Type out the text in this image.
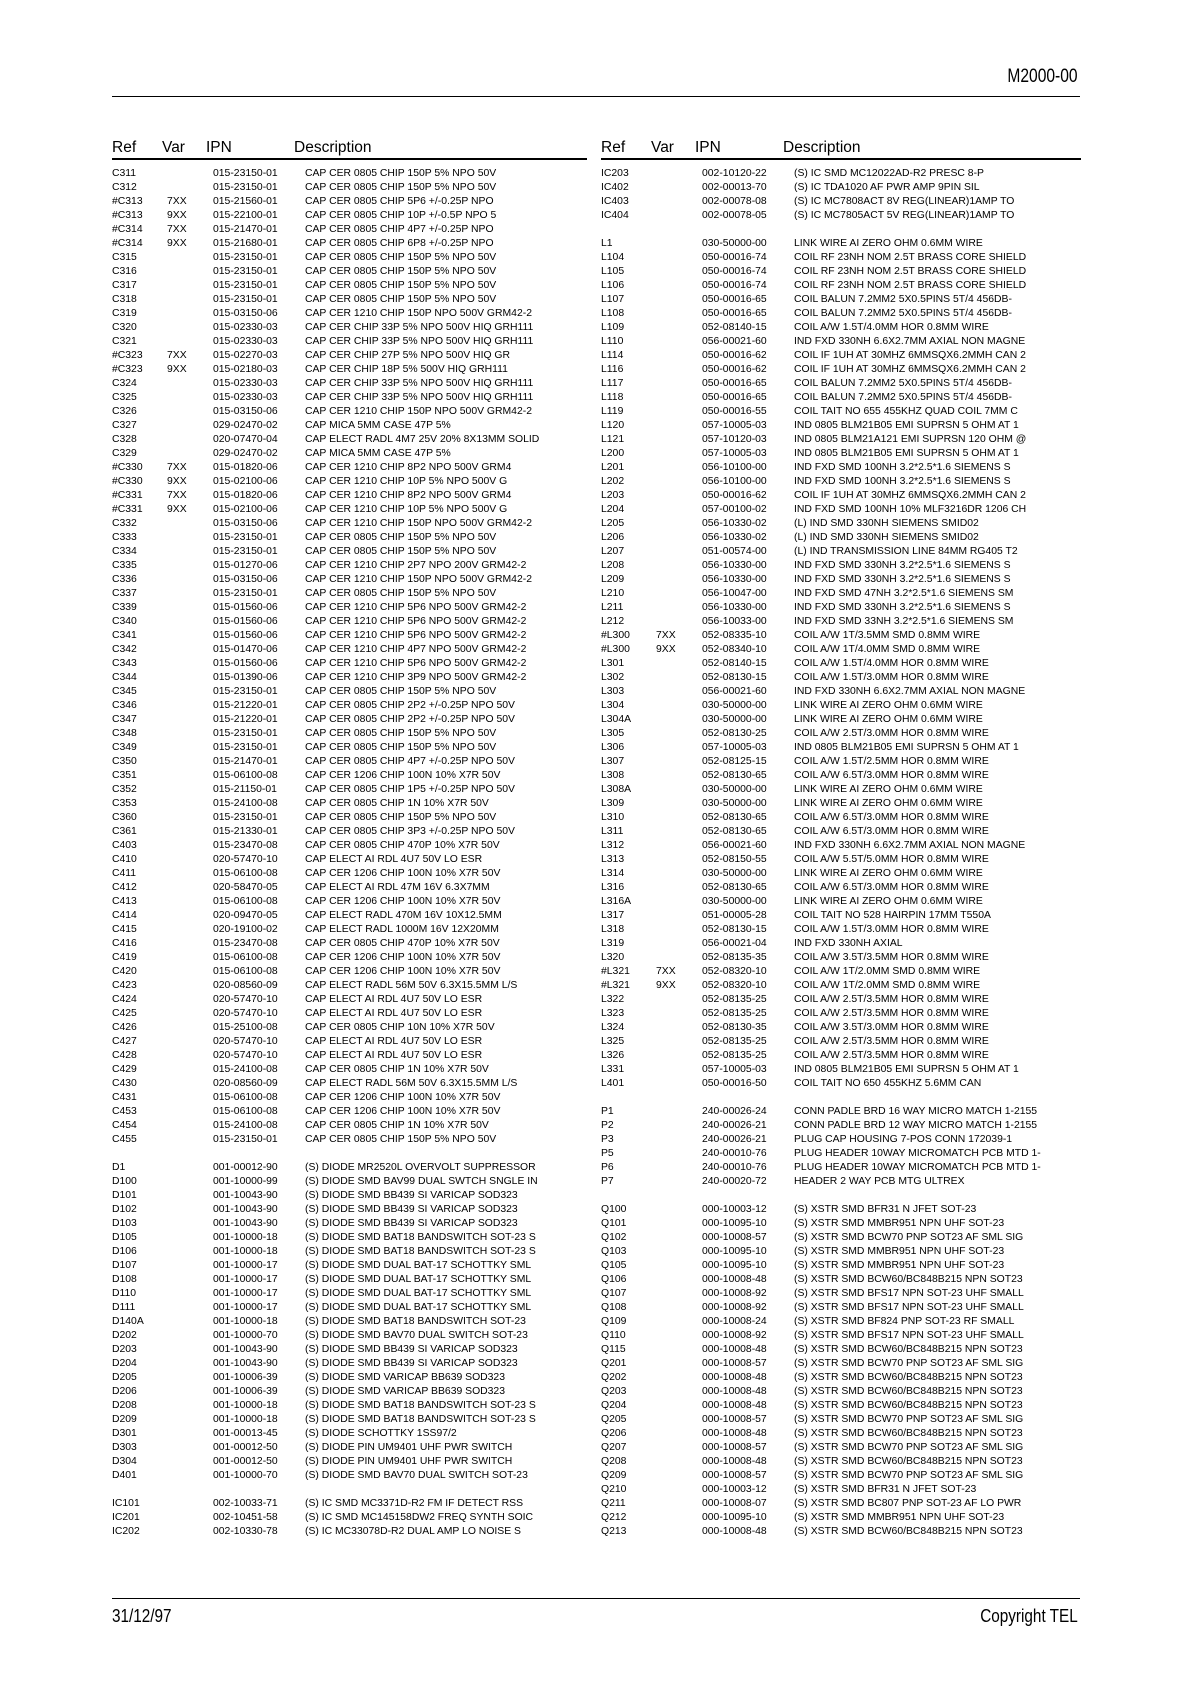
M2000-00
Ref Var IPN	Description
C311	015-23150-01	CAP CER 0805 CHIP 150P 5% NPO 50V
C312	015-23150-01	CAP CER 0805 CHIP 150P 5% NPO 50V
#C313 7XX	015-21560-01	CAP CER 0805 CHIP 5P6 +/-0.25P NPO
#C313 9XX	015-22100-01	CAP CER 0805 CHIP 10P +/-0.5P NPO 5
#C314 7XX	015-21470-01	CAP CER 0805 CHIP 4P7 +/-0.25P NPO
#C314 9XX	015-21680-01	CAP CER 0805 CHIP 6P8 +/-0.25P NPO
C315	015-23150-01	CAP CER 0805 CHIP 150P 5% NPO 50V
C316	015-23150-01	CAP CER 0805 CHIP 150P 5% NPO 50V
C317	015-23150-01	CAP CER 0805 CHIP 150P 5% NPO 50V
C318	015-23150-01	CAP CER 0805 CHIP 150P 5% NPO 50V
C319	015-03150-06	CAP CER 1210 CHIP 150P NPO 500V GRM42-2
C320	015-02330-03	CAP CER CHIP 33P 5% NPO 500V HIQ GRH111
C321	015-02330-03	CAP CER CHIP 33P 5% NPO 500V HIQ GRH111
#C323 7XX	015-02270-03	CAP CER CHIP 27P 5% NPO 500V HIQ GR
#C323 9XX	015-02180-03	CAP CER CHIP 18P 5% 500V HIQ GRH111
C324	015-02330-03	CAP CER CHIP 33P 5% NPO 500V HIQ GRH111
C325	015-02330-03	CAP CER CHIP 33P 5% NPO 500V HIQ GRH111
C326	015-03150-06	CAP CER 1210 CHIP 150P NPO 500V GRM42-2
C327	029-02470-02	CAP MICA 5MM CASE 47P 5%
C328	020-07470-04	CAP ELECT RADL 4M7 25V 20% 8X13MM SOLID
C329	029-02470-02	CAP MICA 5MM CASE 47P 5%
#C330 7XX	015-01820-06	CAP CER 1210 CHIP 8P2 NPO 500V GRM4
#C330 9XX	015-02100-06	CAP CER 1210 CHIP 10P 5% NPO 500V G
#C331 7XX	015-01820-06	CAP CER 1210 CHIP 8P2 NPO 500V GRM4
#C331 9XX	015-02100-06	CAP CER 1210 CHIP 10P 5% NPO 500V G
C332	015-03150-06	CAP CER 1210 CHIP 150P NPO 500V GRM42-2
C333	015-23150-01	CAP CER 0805 CHIP 150P 5% NPO 50V
C334	015-23150-01	CAP CER 0805 CHIP 150P 5% NPO 50V
C335	015-01270-06	CAP CER 1210 CHIP 2P7 NPO 200V GRM42-2
C336	015-03150-06	CAP CER 1210 CHIP 150P NPO 500V GRM42-2
C337	015-23150-01	CAP CER 0805 CHIP 150P 5% NPO 50V
C339	015-01560-06	CAP CER 1210 CHIP 5P6 NPO 500V GRM42-2
C340	015-01560-06	CAP CER 1210 CHIP 5P6 NPO 500V GRM42-2
C341	015-01560-06	CAP CER 1210 CHIP 5P6 NPO 500V GRM42-2
C342	015-01470-06	CAP CER 1210 CHIP 4P7 NPO 500V GRM42-2
C343	015-01560-06	CAP CER 1210 CHIP 5P6 NPO 500V GRM42-2
C344	015-01390-06	CAP CER 1210 CHIP 3P9 NPO 500V GRM42-2
C345	015-23150-01	CAP CER 0805 CHIP 150P 5% NPO 50V
C346	015-21220-01	CAP CER 0805 CHIP 2P2 +/-0.25P NPO 50V
C347	015-21220-01	CAP CER 0805 CHIP 2P2 +/-0.25P NPO 50V
C348	015-23150-01	CAP CER 0805 CHIP 150P 5% NPO 50V
C349	015-23150-01	CAP CER 0805 CHIP 150P 5% NPO 50V
C350	015-21470-01	CAP CER 0805 CHIP 4P7 +/-0.25P NPO 50V
C351	015-06100-08	CAP CER 1206 CHIP 100N 10% X7R 50V
C352	015-21150-01	CAP CER 0805 CHIP 1P5 +/-0.25P NPO 50V
C353	015-24100-08	CAP CER 0805 CHIP 1N 10% X7R 50V
C360	015-23150-01	CAP CER 0805 CHIP 150P 5% NPO 50V
C361	015-21330-01	CAP CER 0805 CHIP 3P3 +/-0.25P NPO 50V
C403	015-23470-08	CAP CER 0805 CHIP 470P 10% X7R 50V
C410	020-57470-10	CAP ELECT AI RDL 4U7 50V LO ESR
C411	015-06100-08	CAP CER 1206 CHIP 100N 10% X7R 50V
C412	020-58470-05	CAP ELECT AI RDL 47M 16V 6.3X7MM
C413	015-06100-08	CAP CER 1206 CHIP 100N 10% X7R 50V
C414	020-09470-05	CAP ELECT RADL 470M 16V 10X12.5MM
C415	020-19100-02	CAP ELECT RADL 1000M 16V 12X20MM
C416	015-23470-08	CAP CER 0805 CHIP 470P 10% X7R 50V
C419	015-06100-08	CAP CER 1206 CHIP 100N 10% X7R 50V
C420	015-06100-08	CAP CER 1206 CHIP 100N 10% X7R 50V
C423	020-08560-09	CAP ELECT RADL 56M 50V 6.3X15.5MM L/S
C424	020-57470-10	CAP ELECT AI RDL 4U7 50V LO ESR
C425	020-57470-10	CAP ELECT AI RDL 4U7 50V LO ESR
C426	015-25100-08	CAP CER 0805 CHIP 10N 10% X7R 50V
C427	020-57470-10	CAP ELECT AI RDL 4U7 50V LO ESR
C428	020-57470-10	CAP ELECT AI RDL 4U7 50V LO ESR
C429	015-24100-08	CAP CER 0805 CHIP 1N 10% X7R 50V
C430	020-08560-09	CAP ELECT RADL 56M 50V 6.3X15.5MM L/S
C431	015-06100-08	CAP CER 1206 CHIP 100N 10% X7R 50V
C453	015-06100-08	CAP CER 1206 CHIP 100N 10% X7R 50V
C454	015-24100-08	CAP CER 0805 CHIP 1N 10% X7R 50V
C455	015-23150-01	CAP CER 0805 CHIP 150P 5% NPO 50V
D1	001-00012-90	(S) DIODE MR2520L OVERVOLT SUPPRESSOR
D100	001-10000-99	(S) DIODE SMD BAV99 DUAL SWTCH SNGLE IN
D101	001-10043-90	(S) DIODE SMD BB439 SI VARICAP SOD323
D102	001-10043-90	(S) DIODE SMD BB439 SI VARICAP SOD323
D103	001-10043-90	(S) DIODE SMD BB439 SI VARICAP SOD323
D105	001-10000-18	(S) DIODE SMD BAT18 BANDSWITCH SOT-23 S
D106	001-10000-18	(S) DIODE SMD BAT18 BANDSWITCH SOT-23 S
D107	001-10000-17	(S) DIODE SMD DUAL BAT-17 SCHOTTKY SML
D108	001-10000-17	(S) DIODE SMD DUAL BAT-17 SCHOTTKY SML
D110	001-10000-17	(S) DIODE SMD DUAL BAT-17 SCHOTTKY SML
D111	001-10000-17	(S) DIODE SMD DUAL BAT-17 SCHOTTKY SML
D140A	001-10000-18	(S) DIODE SMD BAT18 BANDSWITCH SOT-23
D202	001-10000-70	(S) DIODE SMD BAV70 DUAL SWITCH SOT-23
D203	001-10043-90	(S) DIODE SMD BB439 SI VARICAP SOD323
D204	001-10043-90	(S) DIODE SMD BB439 SI VARICAP SOD323
D205	001-10006-39	(S) DIODE SMD VARICAP BB639 SOD323
D206	001-10006-39	(S) DIODE SMD VARICAP BB639 SOD323
D208	001-10000-18	(S) DIODE SMD BAT18 BANDSWITCH SOT-23 S
D209	001-10000-18	(S) DIODE SMD BAT18 BANDSWITCH SOT-23 S
D301	001-00013-45	(S) DIODE SCHOTTKY 1SS97/2
D303	001-00012-50	(S) DIODE PIN UM9401 UHF PWR SWITCH
D304	001-00012-50	(S) DIODE PIN UM9401 UHF PWR SWITCH
D401	001-10000-70	(S) DIODE SMD BAV70 DUAL SWITCH SOT-23
IC101	002-10033-71	(S) IC SMD MC3371D-R2 FM IF DETECT RSS
IC201	002-10451-58	(S) IC SMD MC145158DW2 FREQ SYNTH SOIC
IC202	002-10330-78	(S) IC MC33078D-R2 DUAL AMP LO NOISE S
Ref Var IPN	Description
IC203	002-10120-22	(S) IC SMD MC12022AD-R2 PRESC 8-P
IC402	002-00013-70	(S) IC TDA1020 AF PWR AMP 9PIN SIL
IC403	002-00078-08	(S) IC MC7808ACT 8V REG(LINEAR)1AMP TO
IC404	002-00078-05	(S) IC MC7805ACT 5V REG(LINEAR)1AMP TO
L1	030-50000-00	LINK WIRE AI ZERO OHM 0.6MM WIRE
L104	050-00016-74	COIL RF 23NH NOM 2.5T BRASS CORE SHIELD
L105	050-00016-74	COIL RF 23NH NOM 2.5T BRASS CORE SHIELD
L106	050-00016-74	COIL RF 23NH NOM 2.5T BRASS CORE SHIELD
L107	050-00016-65	COIL BALUN 7.2MM2 5X0.5PINS 5T/4 456DB-
L108	050-00016-65	COIL BALUN 7.2MM2 5X0.5PINS 5T/4 456DB-
L109	052-08140-15	COIL A/W 1.5T/4.0MM HOR 0.8MM WIRE
L110	056-00021-60	IND FXD 330NH 6.6X2.7MM AXIAL NON MAGNE
L114	050-00016-62	COIL IF 1UH AT 30MHZ 6MMSQX6.2MMH CAN 2
L116	050-00016-62	COIL IF 1UH AT 30MHZ 6MMSQX6.2MMH CAN 2
L117	050-00016-65	COIL BALUN 7.2MM2 5X0.5PINS 5T/4 456DB-
L118	050-00016-65	COIL BALUN 7.2MM2 5X0.5PINS 5T/4 456DB-
L119	050-00016-55	COIL TAIT NO 655 455KHZ QUAD COIL 7MM C
L120	057-10005-03	IND 0805 BLM21B05 EMI SUPRSN 5 OHM AT 1
L121	057-10120-03	IND 0805 BLM21A121 EMI SUPRSN 120 OHM @
L200	057-10005-03	IND 0805 BLM21B05 EMI SUPRSN 5 OHM AT 1
L201	056-10100-00	IND FXD SMD 100NH 3.2*2.5*1.6 SIEMENS S
L202	056-10100-00	IND FXD SMD 100NH 3.2*2.5*1.6 SIEMENS S
L203	050-00016-62	COIL IF 1UH AT 30MHZ 6MMSQX6.2MMH CAN 2
L204	057-00100-02	IND FXD SMD 100NH 10% MLF3216DR 1206 CH
L205	056-10330-02	(L) IND SMD 330NH SIEMENS SMID02
L206	056-10330-02	(L) IND SMD 330NH SIEMENS SMID02
L207	051-00574-00	(L) IND TRANSMISSION LINE 84MM RG405 T2
L208	056-10330-00	IND FXD SMD 330NH 3.2*2.5*1.6 SIEMENS S
L209	056-10330-00	IND FXD SMD 330NH 3.2*2.5*1.6 SIEMENS S
L210	056-10047-00	IND FXD SMD 47NH 3.2*2.5*1.6 SIEMENS SM
L211	056-10330-00	IND FXD SMD 330NH 3.2*2.5*1.6 SIEMENS S
L212	056-10033-00	IND FXD SMD 33NH 3.2*2.5*1.6 SIEMENS SM
#L300	7XX	052-08335-10	COIL A/W 1T/3.5MM SMD 0.8MM WIRE
#L300	9XX	052-08340-10	COIL A/W 1T/4.0MM SMD 0.8MM WIRE
L301	052-08140-15	COIL A/W 1.5T/4.0MM HOR 0.8MM WIRE
L302	052-08130-15	COIL A/W 1.5T/3.0MM HOR 0.8MM WIRE
L303	056-00021-60	IND FXD 330NH 6.6X2.7MM AXIAL NON MAGNE
L304	030-50000-00	LINK WIRE AI ZERO OHM 0.6MM WIRE
L304A	030-50000-00	LINK WIRE AI ZERO OHM 0.6MM WIRE
L305	052-08130-25	COIL A/W 2.5T/3.0MM HOR 0.8MM WIRE
L306	057-10005-03	IND 0805 BLM21B05 EMI SUPRSN 5 OHM AT 1
L307	052-08125-15	COIL A/W 1.5T/2.5MM HOR 0.8MM WIRE
L308	052-08130-65	COIL A/W 6.5T/3.0MM HOR 0.8MM WIRE
L308A	030-50000-00	LINK WIRE AI ZERO OHM 0.6MM WIRE
L309	030-50000-00	LINK WIRE AI ZERO OHM 0.6MM WIRE
L310	052-08130-65	COIL A/W 6.5T/3.0MM HOR 0.8MM WIRE
L311	052-08130-65	COIL A/W 6.5T/3.0MM HOR 0.8MM WIRE
L312	056-00021-60	IND FXD 330NH 6.6X2.7MM AXIAL NON MAGNE
L313	052-08150-55	COIL A/W 5.5T/5.0MM HOR 0.8MM WIRE
L314	030-50000-00	LINK WIRE AI ZERO OHM 0.6MM WIRE
L316	052-08130-65	COIL A/W 6.5T/3.0MM HOR 0.8MM WIRE
L316A	030-50000-00	LINK WIRE AI ZERO OHM 0.6MM WIRE
L317	051-00005-28	COIL TAIT NO 528 HAIRPIN 17MM T550A
L318	052-08130-15	COIL A/W 1.5T/3.0MM HOR 0.8MM WIRE
L319	056-00021-04	IND FXD 330NH AXIAL
L320	052-08135-35	COIL A/W 3.5T/3.5MM HOR 0.8MM WIRE
#L321	7XX	052-08320-10	COIL A/W 1T/2.0MM SMD 0.8MM WIRE
#L321	9XX	052-08320-10	COIL A/W 1T/2.0MM SMD 0.8MM WIRE
L322	052-08135-25	COIL A/W 2.5T/3.5MM HOR 0.8MM WIRE
L323	052-08135-25	COIL A/W 2.5T/3.5MM HOR 0.8MM WIRE
L324	052-08130-35	COIL A/W 3.5T/3.0MM HOR 0.8MM WIRE
L325	052-08135-25	COIL A/W 2.5T/3.5MM HOR 0.8MM WIRE
L326	052-08135-25	COIL A/W 2.5T/3.5MM HOR 0.8MM WIRE
L331	057-10005-03	IND 0805 BLM21B05 EMI SUPRSN 5 OHM AT 1
L401	050-00016-50	COIL TAIT NO 650 455KHZ 5.6MM CAN
P1	240-00026-24	CONN PADLE BRD 16 WAY MICRO MATCH 1-2155
P2	240-00026-21	CONN PADLE BRD 12 WAY MICRO MATCH 1-2155
P3	240-00026-21	PLUG CAP HOUSING 7-POS CONN 172039-1
P5	240-00010-76	PLUG HEADER 10WAY MICROMATCH PCB MTD 1-
P6	240-00010-76	PLUG HEADER 10WAY MICROMATCH PCB MTD 1-
P7	240-00020-72	HEADER 2 WAY PCB MTG ULTREX
Q100	000-10003-12	(S) XSTR SMD BFR31 N JFET SOT-23
Q101	000-10095-10	(S) XSTR SMD MMBR951 NPN UHF SOT-23
Q102	000-10008-57	(S) XSTR SMD BCW70 PNP SOT23 AF SML SIG
Q103	000-10095-10	(S) XSTR SMD MMBR951 NPN UHF SOT-23
Q105	000-10095-10	(S) XSTR SMD MMBR951 NPN UHF SOT-23
Q106	000-10008-48	(S) XSTR SMD BCW60/BC848B215 NPN SOT23
Q107	000-10008-92	(S) XSTR SMD BFS17 NPN SOT-23 UHF SMALL
Q108	000-10008-92	(S) XSTR SMD BFS17 NPN SOT-23 UHF SMALL
Q109	000-10008-24	(S) XSTR SMD BF824 PNP SOT-23 RF SMALL
Q110	000-10008-92	(S) XSTR SMD BFS17 NPN SOT-23 UHF SMALL
Q115	000-10008-48	(S) XSTR SMD BCW60/BC848B215 NPN SOT23
Q201	000-10008-57	(S) XSTR SMD BCW70 PNP SOT23 AF SML SIG
Q202	000-10008-48	(S) XSTR SMD BCW60/BC848B215 NPN SOT23
Q203	000-10008-48	(S) XSTR SMD BCW60/BC848B215 NPN SOT23
Q204	000-10008-48	(S) XSTR SMD BCW60/BC848B215 NPN SOT23
Q205	000-10008-57	(S) XSTR SMD BCW70 PNP SOT23 AF SML SIG
Q206	000-10008-48	(S) XSTR SMD BCW60/BC848B215 NPN SOT23
Q207	000-10008-57	(S) XSTR SMD BCW70 PNP SOT23 AF SML SIG
Q208	000-10008-48	(S) XSTR SMD BCW60/BC848B215 NPN SOT23
Q209	000-10008-57	(S) XSTR SMD BCW70 PNP SOT23 AF SML SIG
Q210	000-10003-12	(S) XSTR SMD BFR31 N JFET SOT-23
Q211	000-10008-07	(S) XSTR SMD BC807 PNP SOT-23 AF LO PWR
Q212	000-10095-10	(S) XSTR SMD MMBR951 NPN UHF SOT-23
Q213	000-10008-48	(S) XSTR SMD BCW60/BC848B215 NPN SOT23
31/12/97	Copyright TEL
